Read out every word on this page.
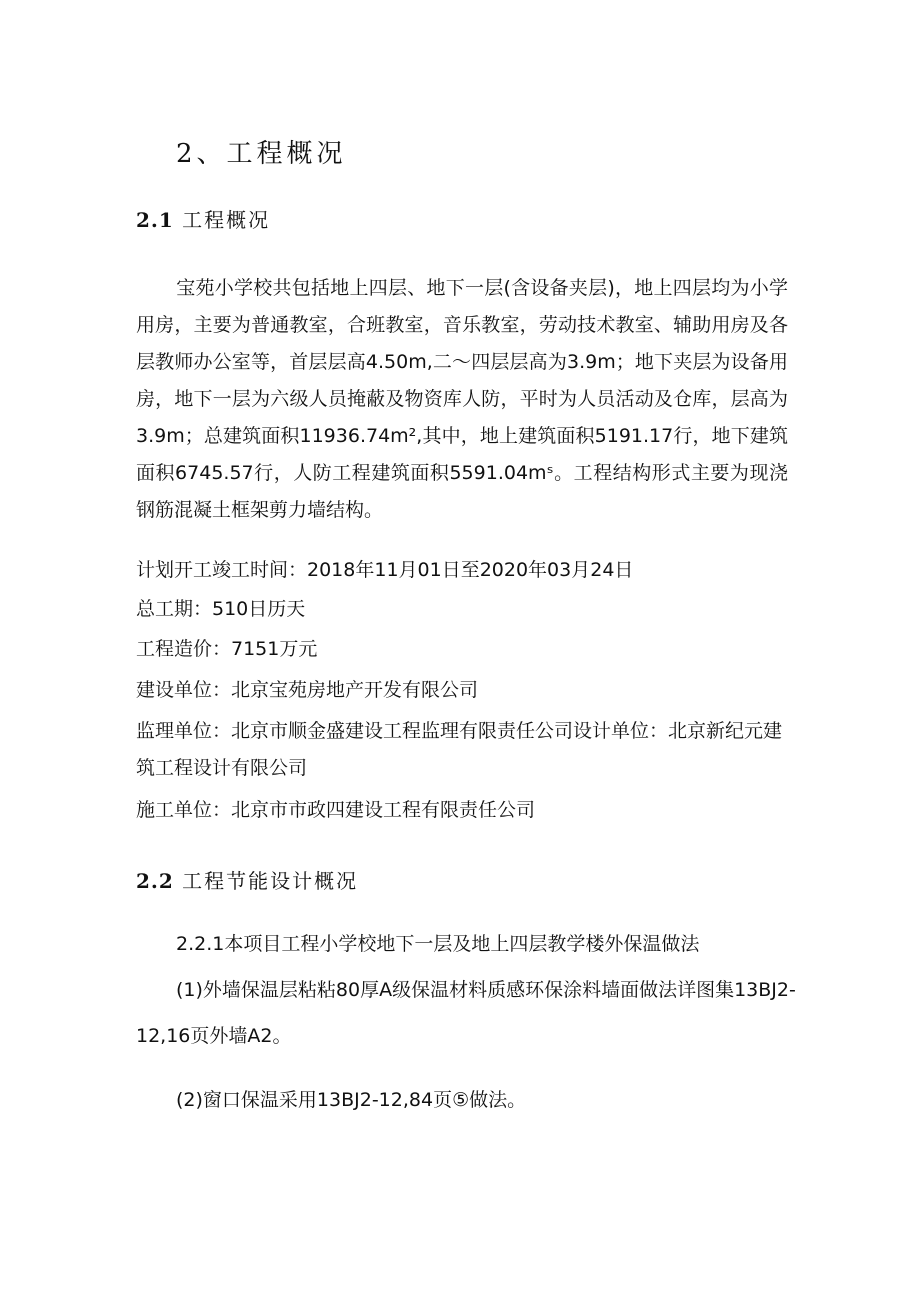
2、工程概况
2.1 工程概况

宝苑小学校共包括地上四层、地下一层(含设备夹层)，地上四层均为小学用房，主要为普通教室，合班教室，音乐教室，劳动技术教室、辅助用房及各层教师办公室等，首层层高4.50m,二〜四层层高为3.9m；地下夹层为设备用房，地下一层为六级人员掩蔽及物资库人防，平时为人员活动及仓库，层高为3.9m；总建筑面积11936.74m²,其中，地上建筑面积5191.17行，地下建筑面积6745.57行，人防工程建筑面积5591.04mˢ。工程结构形式主要为现浇钢筋混凝土框架剪力墙结构。

计划开工竣工时间：2018年11月01日至2020年03月24日

总工期：510日历天

工程造价：7151万元

建设单位：北京宝苑房地产开发有限公司

监理单位：北京市顺金盛建设工程监理有限责任公司设计单位：北京新纪元建筑工程设计有限公司

施工单位：北京市市政四建设工程有限责任公司

2.2 工程节能设计概况

2.2.1本项目工程小学校地下一层及地上四层教学楼外保温做法

(1)外墙保温层粘粘80厚A级保温材料质感环保涂料墙面做法详图集13BJ2-12,16页外墙A2。

(2)窗口保温采用13BJ2-12,84页⑤做法。
